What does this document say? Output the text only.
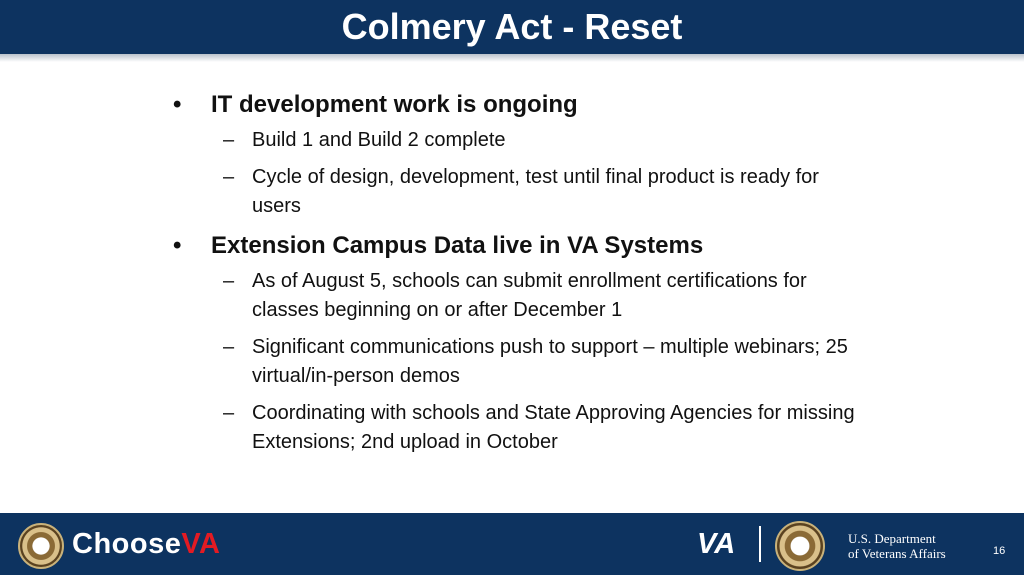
Colmery Act - Reset
• IT development work is ongoing
– Build 1 and Build 2 complete
– Cycle of design, development, test until final product is ready for users
• Extension Campus Data live in VA Systems
– As of August 5, schools can submit enrollment certifications for classes beginning on or after December 1
– Significant communications push to support – multiple webinars; 25 virtual/in-person demos
– Coordinating with schools and State Approving Agencies for missing Extensions; 2nd upload in October
ChooseVA	VA	U.S. Department
of Veterans Affairs	16
